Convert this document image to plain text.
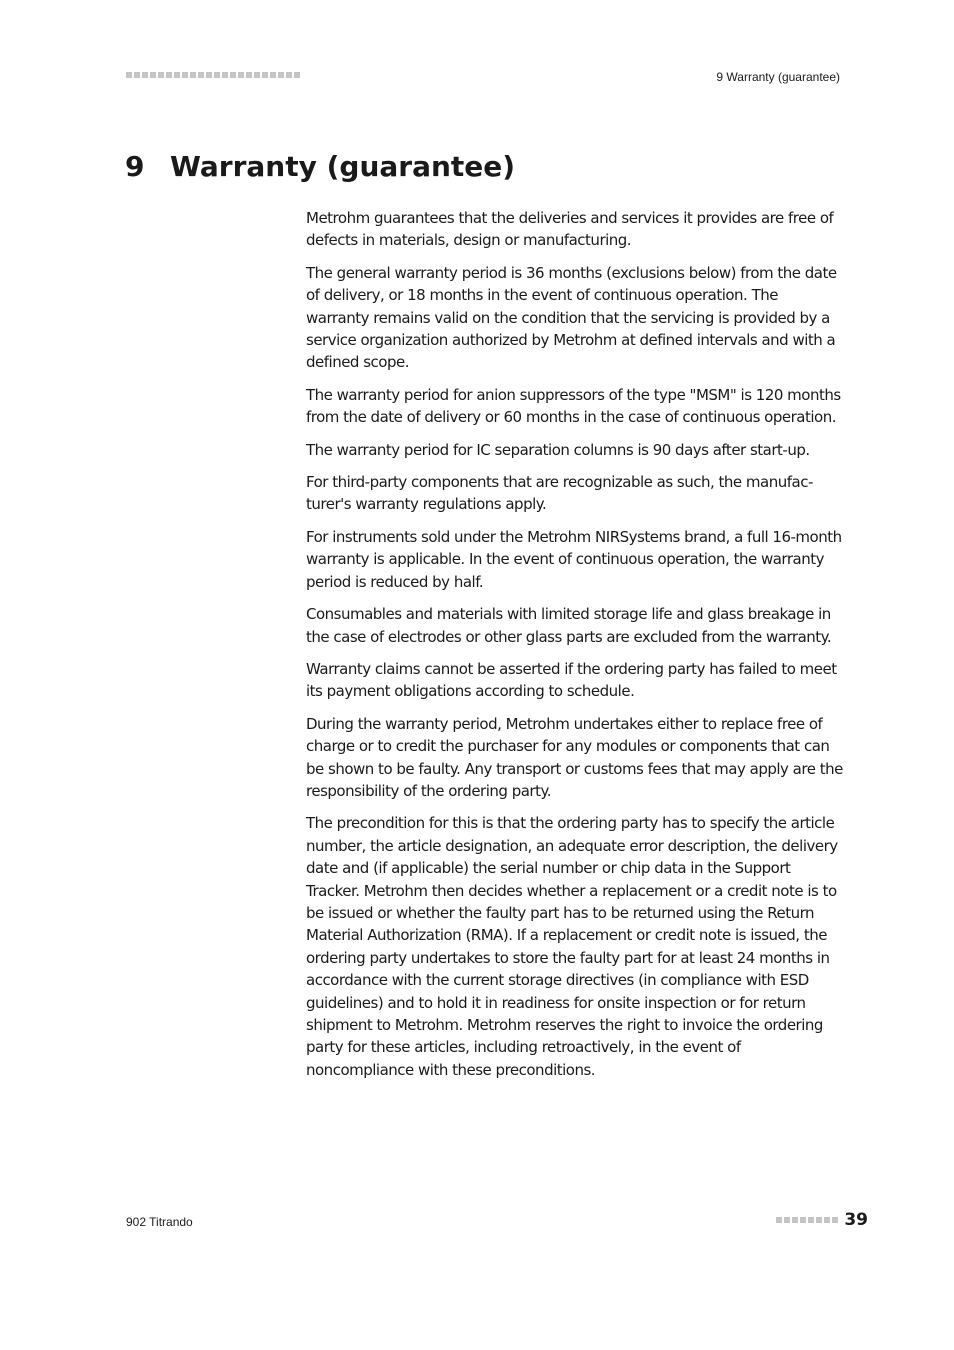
9 Warranty (guarantee)
9 Warranty (guarantee)

Metrohm guarantees that the deliveries and services it provides are free of defects in materials, design or manufacturing.

The general warranty period is 36 months (exclusions below) from the date of delivery, or 18 months in the event of continuous operation. The warranty remains valid on the condition that the servicing is provided by a service organization authorized by Metrohm at defined intervals and with a defined scope.

The warranty period for anion suppressors of the type "MSM" is 120 months from the date of delivery or 60 months in the case of continuous operation.

The warranty period for IC separation columns is 90 days after start-up.

For third-party components that are recognizable as such, the manufacturer's warranty regulations apply.

For instruments sold under the Metrohm NIRSystems brand, a full 16-month warranty is applicable. In the event of continuous operation, the warranty period is reduced by half.

Consumables and materials with limited storage life and glass breakage in the case of electrodes or other glass parts are excluded from the warranty.

Warranty claims cannot be asserted if the ordering party has failed to meet its payment obligations according to schedule.

During the warranty period, Metrohm undertakes either to replace free of charge or to credit the purchaser for any modules or components that can be shown to be faulty. Any transport or customs fees that may apply are the responsibility of the ordering party.

The precondition for this is that the ordering party has to specify the article number, the article designation, an adequate error description, the delivery date and (if applicable) the serial number or chip data in the Support Tracker. Metrohm then decides whether a replacement or a credit note is to be issued or whether the faulty part has to be returned using the Return Material Authorization (RMA). If a replacement or credit note is issued, the ordering party undertakes to store the faulty part for at least 24 months in accordance with the current storage directives (in compliance with ESD guidelines) and to hold it in readiness for onsite inspection or for return shipment to Metrohm. Metrohm reserves the right to invoice the ordering party for these articles, including retroactively, in the event of noncompliance with these preconditions.

902 Titrando	39
